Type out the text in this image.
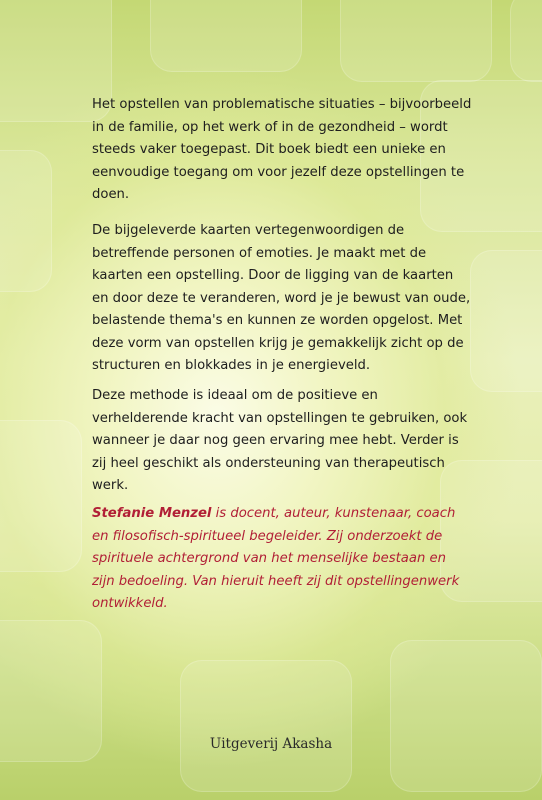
Het opstellen van problematische situaties – bijvoorbeeld in de familie, op het werk of in de gezondheid – wordt steeds vaker toegepast. Dit boek biedt een unieke en eenvoudige toegang om voor jezelf deze opstellingen te doen.
De bijgeleverde kaarten vertegenwoordigen de betreffende personen of emoties. Je maakt met de kaarten een opstelling. Door de ligging van de kaarten en door deze te veranderen, word je je bewust van oude, belastende thema's en kunnen ze worden opgelost. Met deze vorm van opstellen krijg je gemakkelijk zicht op de structuren en blokkades in je energieveld.
Deze methode is ideaal om de positieve en verhelderende kracht van opstellingen te gebruiken, ook wanneer je daar nog geen ervaring mee hebt. Verder is zij heel geschikt als ondersteuning van therapeutisch werk.
Stefanie Menzel is docent, auteur, kunstenaar, coach en filosofisch-spiritueel begeleider. Zij onderzoekt de spirituele achtergrond van het menselijke bestaan en zijn bedoeling. Van hieruit heeft zij dit opstellingenwerk ontwikkeld.
Uitgeverij Akasha
